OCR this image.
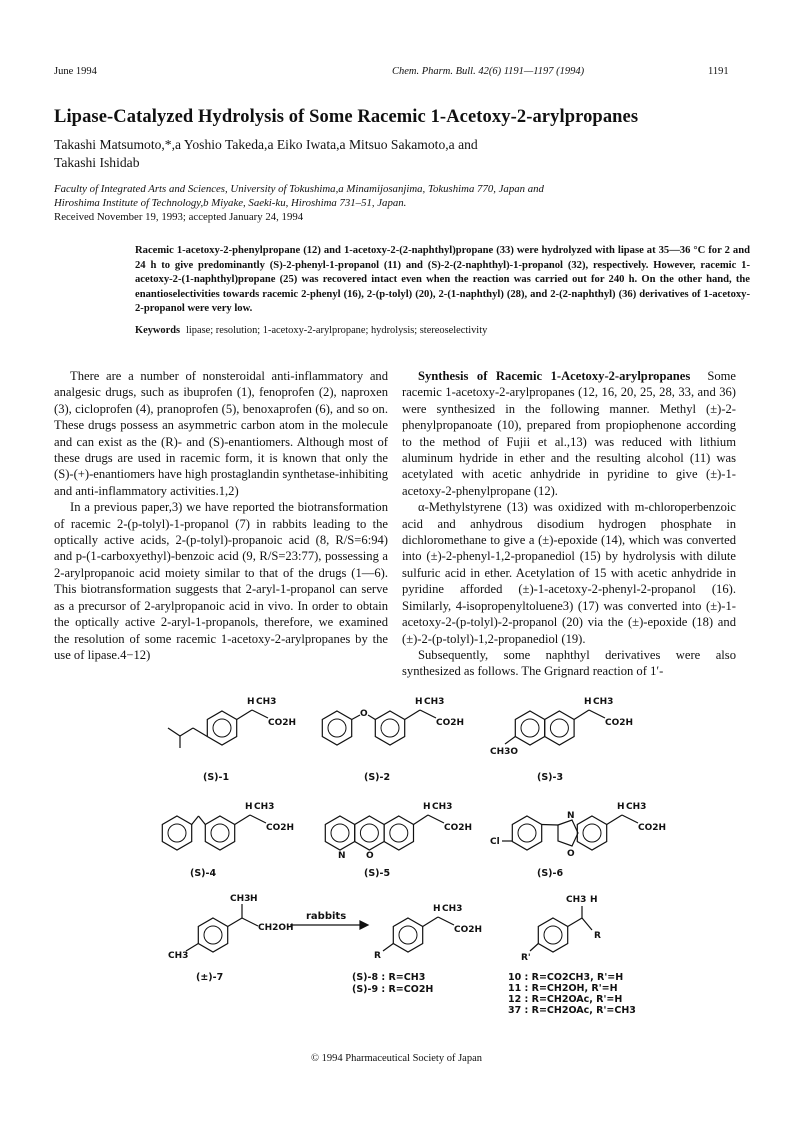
June 1994	Chem. Pharm. Bull. 42(6) 1191—1197 (1994)	1191
Lipase-Catalyzed Hydrolysis of Some Racemic 1-Acetoxy-2-arylpropanes
Takashi Matsumoto,*,a Yoshio Takeda,a Eiko Iwata,a Mitsuo Sakamoto,a and
Takashi Ishidab
Faculty of Integrated Arts and Sciences, University of Tokushima,a Minamijosanjima, Tokushima 770, Japan and
Hiroshima Institute of Technology,b Miyake, Saeki-ku, Hiroshima 731–51, Japan.
Received November 19, 1993; accepted January 24, 1994
Racemic 1-acetoxy-2-phenylpropane (12) and 1-acetoxy-2-(2-naphthyl)propane (33) were hydrolyzed with lipase at 35—36 °C for 2 and 24 h to give predominantly (S)-2-phenyl-1-propanol (11) and (S)-2-(2-naphthyl)-1-propanol (32), respectively. However, racemic 1-acetoxy-2-(1-naphthyl)propane (25) was recovered intact even when the reaction was carried out for 240 h. On the other hand, the enantioselectivities towards racemic 2-phenyl (16), 2-(p-tolyl) (20), 2-(1-naphthyl) (28), and 2-(2-naphthyl) (36) derivatives of 1-acetoxy-2-propanol were very low.
Keywords lipase; resolution; 1-acetoxy-2-arylpropane; hydrolysis; stereoselectivity

There are a number of nonsteroidal anti-inflammatory and analgesic drugs, such as ibuprofen (1), fenoprofen (2), naproxen (3), cicloprofen (4), pranoprofen (5), benoxaprofen (6), and so on. These drugs possess an asymmetric carbon atom in the molecule and can exist as the (R)- and (S)-enantiomers. Although most of these drugs are used in racemic form, it is known that only the (S)-(+)-enantiomers have high prostaglandin synthetase-inhibiting and anti-inflammatory activities.1,2)

In a previous paper,3) we have reported the biotransformation of racemic 2-(p-tolyl)-1-propanol (7) in rabbits leading to the optically active acids, 2-(p-tolyl)-propanoic acid (8, R/S=6:94) and p-(1-carboxyethyl)-benzoic acid (9, R/S=23:77), possessing a 2-arylpropanoic acid moiety similar to that of the drugs (1—6). This biotransformation suggests that 2-aryl-1-propanol can serve as a precursor of 2-arylpropanoic acid in vivo. In order to obtain the optically active 2-aryl-1-propanols, therefore, we examined the resolution of some racemic 1-acetoxy-2-arylpropanes by the use of lipase.4−12)

Synthesis of Racemic 1-Acetoxy-2-arylpropanes Some racemic 1-acetoxy-2-arylpropanes (12, 16, 20, 25, 28, 33, and 36) were synthesized in the following manner. Methyl (±)-2-phenylpropanoate (10), prepared from propiophenone according to the method of Fujii et al.,13) was reduced with lithium aluminum hydride in ether and the resulting alcohol (11) was acetylated with acetic anhydride in pyridine to give (±)-1-acetoxy-2-phenylpropane (12).

α-Methylstyrene (13) was oxidized with m-chloroperbenzoic acid and anhydrous disodium hydrogen phosphate in dichloromethane to give a (±)-epoxide (14), which was converted into (±)-2-phenyl-1,2-propanediol (15) by hydrolysis with dilute sulfuric acid in ether. Acetylation of 15 with acetic anhydride in pyridine afforded (±)-1-acetoxy-2-phenyl-2-propanol (16). Similarly, 4-isopropenyltoluene3) (17) was converted into (±)-1-acetoxy-2-(p-tolyl)-2-propanol (20) via the (±)-epoxide (18) and (±)-2-(p-tolyl)-1,2-propanediol (19).

Subsequently, some naphthyl derivatives were also synthesized as follows. The Grignard reaction of 1′-

H CH3
CO2H
O
H CH3
CO2H
H CH3
CO2H
CH3O
H CH3
CO2H
H CH3
CO2H
N O
H CH3
CO2H
Cl
N
O
CH3 H
CH2OH
CH3
H CH3
CO2H
R
CH3 H
R
R'
rabbits
(S)-1	(S)-2	(S)-3
(S)-4	(S)-5	(S)-6
(±)-7	(S)-8 : R=CH3
(S)-9 : R=CO2H
10 : R=CO2CH3, R'=H
11 : R=CH2OH, R'=H
12 : R=CH2OAc, R'=H
37 : R=CH2OAc, R'=CH3
© 1994 Pharmaceutical Society of Japan
